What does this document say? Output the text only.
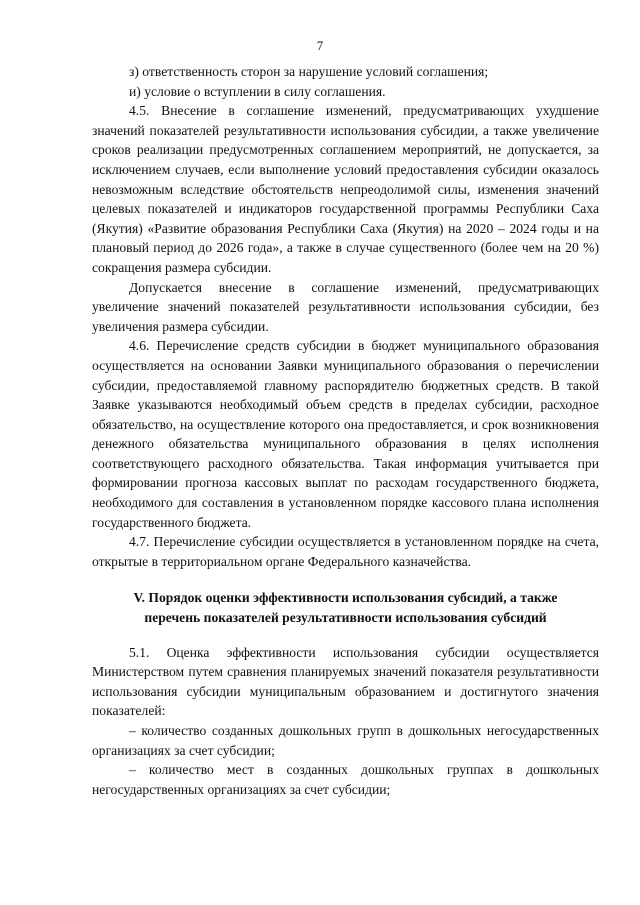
7

з) ответственность сторон за нарушение условий соглашения;

и) условие о вступлении в силу соглашения.

4.5. Внесение в соглашение изменений, предусматривающих ухудшение значений показателей результативности использования субсидии, а также увеличение сроков реализации предусмотренных соглашением мероприятий, не допускается, за исключением случаев, если выполнение условий предоставления субсидии оказалось невозможным вследствие обстоятельств непреодолимой силы, изменения значений целевых показателей и индикаторов государственной программы Республики Саха (Якутия) «Развитие образования Республики Саха (Якутия) на 2020 – 2024 годы и на плановый период до 2026 года», а также в случае существенного (более чем на 20 %) сокращения размера субсидии.

Допускается внесение в соглашение изменений, предусматривающих увеличение значений показателей результативности использования субсидии, без увеличения размера субсидии.

4.6. Перечисление средств субсидии в бюджет муниципального образования осуществляется на основании Заявки муниципального образования о перечислении субсидии, предоставляемой главному распорядителю бюджетных средств. В такой Заявке указываются необходимый объем средств в пределах субсидии, расходное обязательство, на осуществление которого она предоставляется, и срок возникновения денежного обязательства муниципального образования в целях исполнения соответствующего расходного обязательства. Такая информация учитывается при формировании прогноза кассовых выплат по расходам государственного бюджета, необходимого для составления в установленном порядке кассового плана исполнения государственного бюджета.

4.7. Перечисление субсидии осуществляется в установленном порядке на счета, открытые в территориальном органе Федерального казначейства.

V. Порядок оценки эффективности использования субсидий, а также
перечень показателей результативности использования субсидий

5.1. Оценка эффективности использования субсидии осуществляется Министерством путем сравнения планируемых значений показателя результативности использования субсидии муниципальным образованием и достигнутого значения показателей:

– количество созданных дошкольных групп в дошкольных негосударственных организациях за счет субсидии;

– количество мест в созданных дошкольных группах в дошкольных негосударственных организациях за счет субсидии;
